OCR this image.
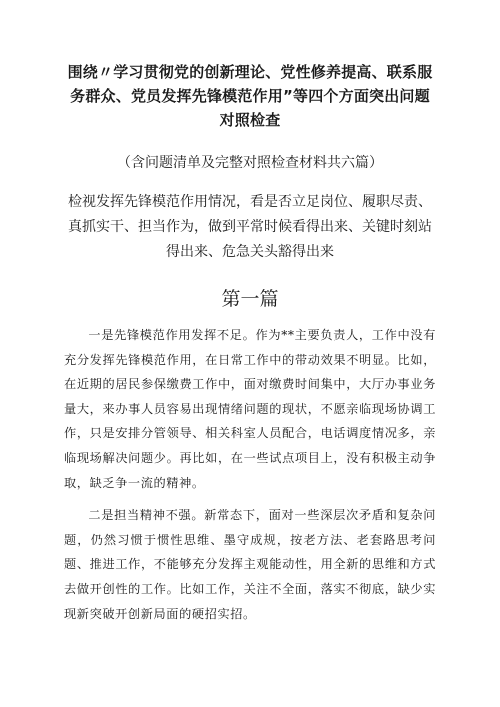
围绕〃学习贯彻党的创新理论、党性修养提高、联系服务群众、党员发挥先锋模范作用”等四个方面突出问题对照检查

（含问题清单及完整对照检查材料共六篇）

检视发挥先锋模范作用情况，看是否立足岗位、履职尽责、真抓实干、担当作为，做到平常时候看得出来、关键时刻站得出来、危急关头豁得出来

第一篇

一是先锋模范作用发挥不足。作为**主要负责人，工作中没有充分发挥先锋模范作用，在日常工作中的带动效果不明显。比如，在近期的居民参保缴费工作中，面对缴费时间集中，大厅办事业务量大，来办事人员容易出现情绪问题的现状，不愿亲临现场协调工作，只是安排分管领导、相关科室人员配合，电话调度情况多，亲临现场解决问题少。再比如，在一些试点项目上，没有积极主动争取，缺乏争一流的精神。

二是担当精神不强。新常态下，面对一些深层次矛盾和复杂问题，仍然习惯于惯性思维、墨守成规，按老方法、老套路思考问题、推进工作，不能够充分发挥主观能动性，用全新的思维和方式去做开创性的工作。比如工作，关注不全面，落实不彻底，缺少实现新突破开创新局面的硬招实招。
